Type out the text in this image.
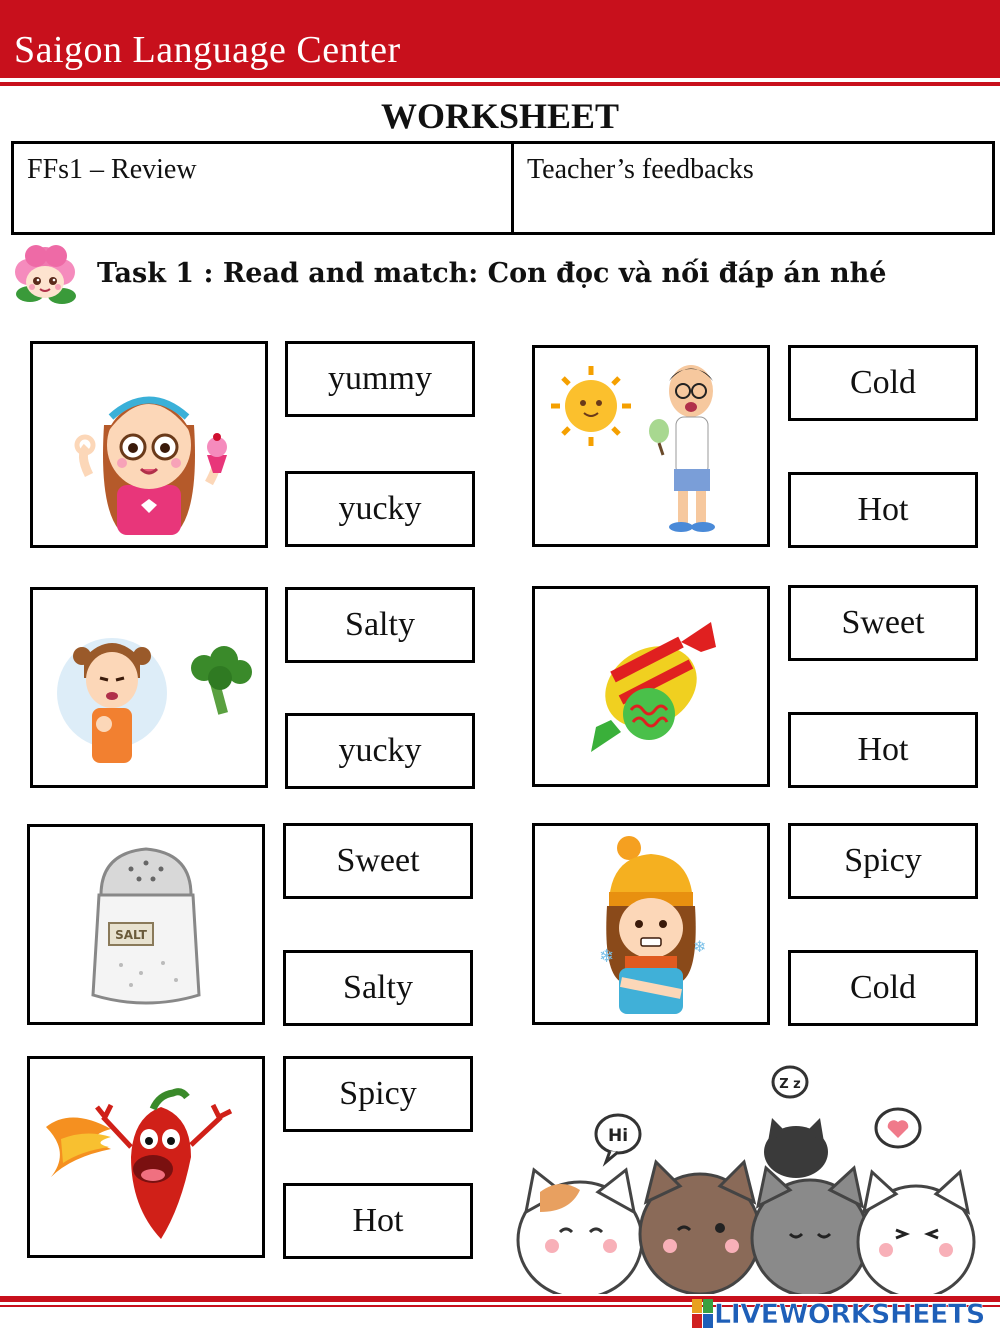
Saigon Language Center
WORKSHEET
FFs1 – Review	Teacher’s feedbacks
Task 1 : Read and match: Con đọc và nối đáp án nhé
yummy
yucky
Cold
Hot
Salty
yucky
Sweet
Hot
SALT
Sweet
Salty
❄	❄
Spicy
Cold
Spicy
Hot
Hi
Z z
LIVEWORKSHEETS
